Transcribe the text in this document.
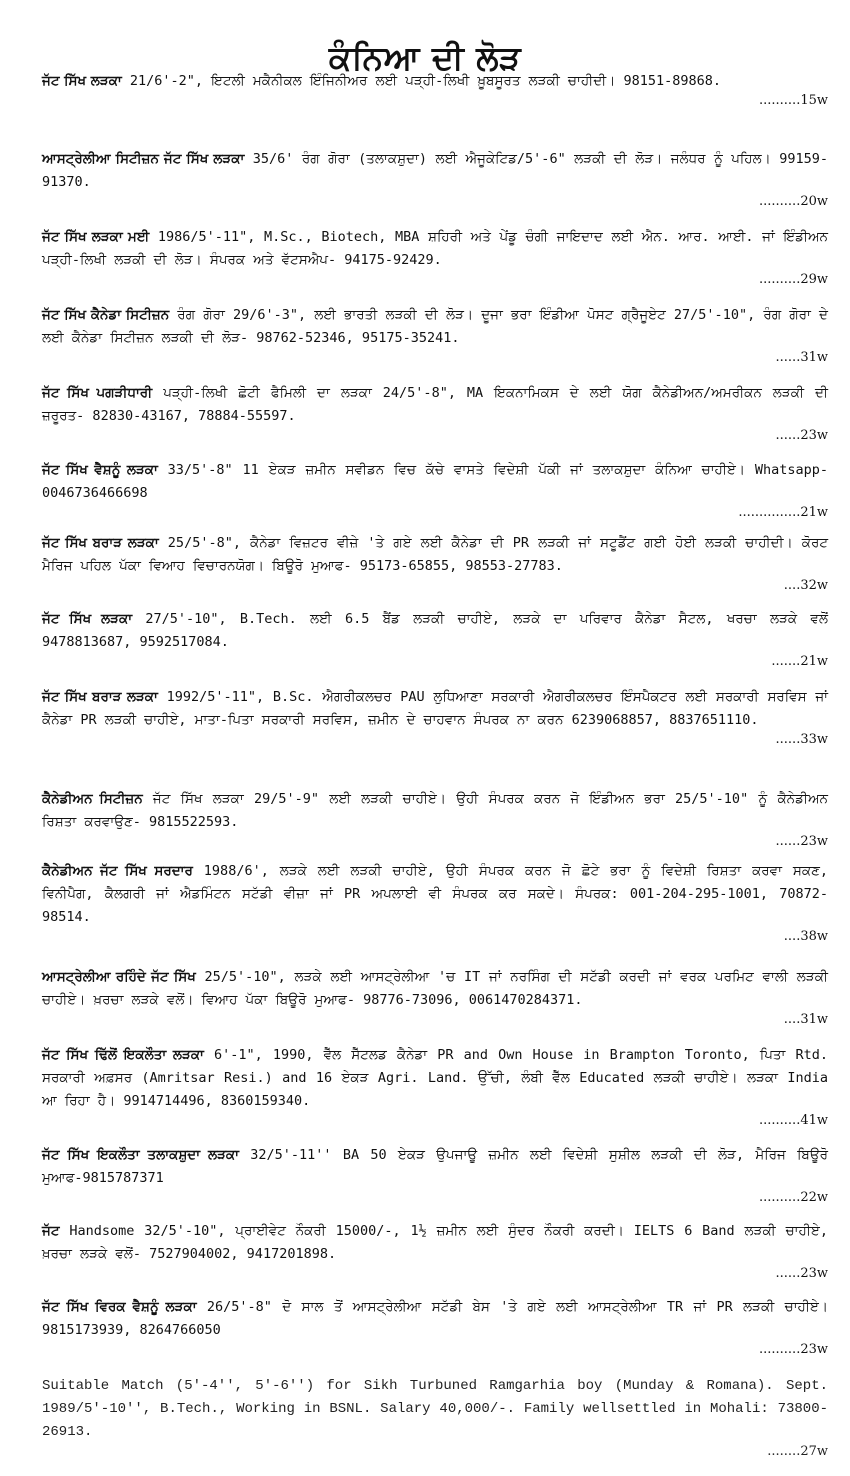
ਕੰਨਿਆ ਦੀ ਲੋੜ

ਜੱਟ ਸਿੱਖ ਲੜਕਾ 21/6'-2", ਇਟਲੀ ਮਕੈਨੀਕਲ ਇੰਜਿਨੀਅਰ ਲਈ ਪੜ੍ਹੀ-ਲਿਖੀ ਖ਼ੂਬਸੂਰਤ ਲੜਕੀ ਚਾਹੀਦੀ। 98151-89868.

..........15w

ਆਸਟ੍ਰੇਲੀਆ ਸਿਟੀਜ਼ਨ ਜੱਟ ਸਿੱਖ ਲੜਕਾ 35/6' ਰੰਗ ਗੋਰਾ (ਤਲਾਕਸ਼ੁਦਾ) ਲਈ ਐਜੂਕੇਟਿਡ/5'-6" ਲੜਕੀ ਦੀ ਲੋੜ। ਜਲੰਧਰ ਨੂੰ ਪਹਿਲ। 99159-91370.

..........20w

ਜੱਟ ਸਿੱਖ ਲੜਕਾ ਮਈ 1986/5'-11", M.Sc., Biotech, MBA ਸ਼ਹਿਰੀ ਅਤੇ ਪੇਂਡੂ ਚੰਗੀ ਜਾਇਦਾਦ ਲਈ ਐਨ. ਆਰ. ਆਈ. ਜਾਂ ਇੰਡੀਅਨ ਪੜ੍ਹੀ-ਲਿਖੀ ਲੜਕੀ ਦੀ ਲੋੜ। ਸੰਪਰਕ ਅਤੇ ਵੱਟਸਐਪ- 94175-92429.

..........29w

ਜੱਟ ਸਿੱਖ ਕੈਨੇਡਾ ਸਿਟੀਜ਼ਨ ਰੰਗ ਗੋਰਾ 29/6'-3", ਲਈ ਭਾਰਤੀ ਲੜਕੀ ਦੀ ਲੋੜ। ਦੂਜਾ ਭਰਾ ਇੰਡੀਆ ਪੋਸਟ ਗ੍ਰੈਜੂਏਟ 27/5'-10", ਰੰਗ ਗੋਰਾ ਦੇ ਲਈ ਕੈਨੇਡਾ ਸਿਟੀਜ਼ਨ ਲੜਕੀ ਦੀ ਲੋੜ- 98762-52346, 95175-35241.

......31w

ਜੱਟ ਸਿੱਖ ਪਗੜੀਧਾਰੀ ਪੜ੍ਹੀ-ਲਿਖੀ ਛੋਟੀ ਫੈਮਿਲੀ ਦਾ ਲੜਕਾ 24/5'-8", MA ਇਕਨਾਮਿਕਸ ਦੇ ਲਈ ਯੋਗ ਕੈਨੇਡੀਅਨ/ਅਮਰੀਕਨ ਲੜਕੀ ਦੀ ਜ਼ਰੂਰਤ- 82830-43167, 78884-55597.

......23w

ਜੱਟ ਸਿੱਖ ਵੈਸ਼ਨੂੰ ਲੜਕਾ 33/5'-8" 11 ਏਕੜ ਜ਼ਮੀਨ ਸਵੀਡਨ ਵਿਚ ਕੱਚੇ ਵਾਸਤੇ ਵਿਦੇਸ਼ੀ ਪੱਕੀ ਜਾਂ ਤਲਾਕਸ਼ੁਦਾ ਕੰਨਿਆ ਚਾਹੀਏ। Whatsapp-0046736466698

...............21w

ਜੱਟ ਸਿੱਖ ਬਰਾੜ ਲੜਕਾ 25/5'-8", ਕੈਨੇਡਾ ਵਿਜ਼ਟਰ ਵੀਜ਼ੇ 'ਤੇ ਗਏ ਲਈ ਕੈਨੇਡਾ ਦੀ PR ਲੜਕੀ ਜਾਂ ਸਟੂਡੈਂਟ ਗਈ ਹੋਈ ਲੜਕੀ ਚਾਹੀਦੀ। ਕੋਰਟ ਮੈਰਿਜ ਪਹਿਲ ਪੱਕਾ ਵਿਆਹ ਵਿਚਾਰਨਯੋਗ। ਬਿਊਰੋ ਮੁਆਫ- 95173-65855, 98553-27783.

....32w

ਜੱਟ ਸਿੱਖ ਲੜਕਾ 27/5'-10", B.Tech. ਲਈ 6.5 ਬੈਂਡ ਲੜਕੀ ਚਾਹੀਏ, ਲੜਕੇ ਦਾ ਪਰਿਵਾਰ ਕੈਨੇਡਾ ਸੈਟਲ, ਖਰਚਾ ਲੜਕੇ ਵਲੋਂ 9478813687, 9592517084.

.......21w

ਜੱਟ ਸਿੱਖ ਬਰਾੜ ਲੜਕਾ 1992/5'-11", B.Sc. ਐਗਰੀਕਲਚਰ PAU ਲੁਧਿਆਣਾ ਸਰਕਾਰੀ ਐਗਰੀਕਲਚਰ ਇੰਸਪੈਕਟਰ ਲਈ ਸਰਕਾਰੀ ਸਰਵਿਸ ਜਾਂ ਕੈਨੇਡਾ PR ਲੜਕੀ ਚਾਹੀਏ, ਮਾਤਾ-ਪਿਤਾ ਸਰਕਾਰੀ ਸਰਵਿਸ, ਜ਼ਮੀਨ ਦੇ ਚਾਹਵਾਨ ਸੰਪਰਕ ਨਾ ਕਰਨ 6239068857, 8837651110.

......33w

ਕੈਨੇਡੀਅਨ ਸਿਟੀਜ਼ਨ ਜੱਟ ਸਿੱਖ ਲੜਕਾ 29/5'-9" ਲਈ ਲੜਕੀ ਚਾਹੀਏ। ਉਹੀ ਸੰਪਰਕ ਕਰਨ ਜੋ ਇੰਡੀਅਨ ਭਰਾ 25/5'-10" ਨੂੰ ਕੈਨੇਡੀਅਨ ਰਿਸ਼ਤਾ ਕਰਵਾਉਣ- 9815522593.

......23w

ਕੈਨੇਡੀਅਨ ਜੱਟ ਸਿੱਖ ਸਰਦਾਰ 1988/6', ਲੜਕੇ ਲਈ ਲੜਕੀ ਚਾਹੀਏ, ਉਹੀ ਸੰਪਰਕ ਕਰਨ ਜੋ ਛੋਟੇ ਭਰਾ ਨੂੰ ਵਿਦੇਸ਼ੀ ਰਿਸ਼ਤਾ ਕਰਵਾ ਸਕਣ, ਵਿਨੀਪੈਗ, ਕੈਲਗਰੀ ਜਾਂ ਐਡਮਿੰਟਨ ਸਟੱਡੀ ਵੀਜ਼ਾ ਜਾਂ PR ਅਪਲਾਈ ਵੀ ਸੰਪਰਕ ਕਰ ਸਕਦੇ। ਸੰਪਰਕ: 001-204-295-1001, 70872-98514.

....38w

ਆਸਟ੍ਰੇਲੀਆ ਰਹਿੰਦੇ ਜੱਟ ਸਿੱਖ 25/5'-10", ਲੜਕੇ ਲਈ ਆਸਟ੍ਰੇਲੀਆ 'ਚ IT ਜਾਂ ਨਰਸਿੰਗ ਦੀ ਸਟੱਡੀ ਕਰਦੀ ਜਾਂ ਵਰਕ ਪਰਮਿਟ ਵਾਲੀ ਲੜਕੀ ਚਾਹੀਏ। ਖ਼ਰਚਾ ਲੜਕੇ ਵਲੋਂ। ਵਿਆਹ ਪੱਕਾ ਬਿਊਰੋ ਮੁਆਫ- 98776-73096, 0061470284371.

....31w

ਜੱਟ ਸਿੱਖ ਢਿੱਲੋਂ ਇਕਲੌਤਾ ਲੜਕਾ 6'-1", 1990, ਵੈੱਲ ਸੈੱਟਲਡ ਕੈਨੇਡਾ PR and Own House in Brampton Toronto, ਪਿਤਾ Rtd. ਸਰਕਾਰੀ ਅਫ਼ਸਰ (Amritsar Resi.) and 16 ਏਕੜ Agri. Land. ਉੱਚੀ, ਲੰਬੀ ਵੈੱਲ Educated ਲੜਕੀ ਚਾਹੀਏ। ਲੜਕਾ India ਆ ਰਿਹਾ ਹੈ। 9914714496, 8360159340.

..........41w

ਜੱਟ ਸਿੱਖ ਇਕਲੌਤਾ ਤਲਾਕਸ਼ੁਦਾ ਲੜਕਾ 32/5'-11'' BA 50 ਏਕੜ ਉਪਜਾਊ ਜ਼ਮੀਨ ਲਈ ਵਿਦੇਸ਼ੀ ਸੁਸ਼ੀਲ ਲੜਕੀ ਦੀ ਲੋੜ, ਮੈਰਿਜ ਬਿਊਰੋ ਮੁਆਫ-9815787371

..........22w

ਜੱਟ Handsome 32/5'-10", ਪ੍ਰਾਈਵੇਟ ਨੌਕਰੀ 15000/-, 1½ ਜ਼ਮੀਨ ਲਈ ਸੁੰਦਰ ਨੌਕਰੀ ਕਰਦੀ। IELTS 6 Band ਲੜਕੀ ਚਾਹੀਏ, ਖ਼ਰਚਾ ਲੜਕੇ ਵਲੋਂ- 7527904002, 9417201898.

......23w

ਜੱਟ ਸਿੱਖ ਵਿਰਕ ਵੈਸ਼ਨੂੰ ਲੜਕਾ 26/5'-8" ਦੋ ਸਾਲ ਤੋਂ ਆਸਟ੍ਰੇਲੀਆ ਸਟੱਡੀ ਬੇਸ 'ਤੇ ਗਏ ਲਈ ਆਸਟ੍ਰੇਲੀਆ TR ਜਾਂ PR ਲੜਕੀ ਚਾਹੀਏ। 9815173939, 8264766050

..........23w

Suitable Match (5'-4'', 5'-6'') for Sikh Turbuned Ramgarhia boy (Munday & Romana). Sept. 1989/5'-10'', B.Tech., Working in BSNL. Salary 40,000/-. Family wellsettled in Mohali: 73800-26913.

........27w
